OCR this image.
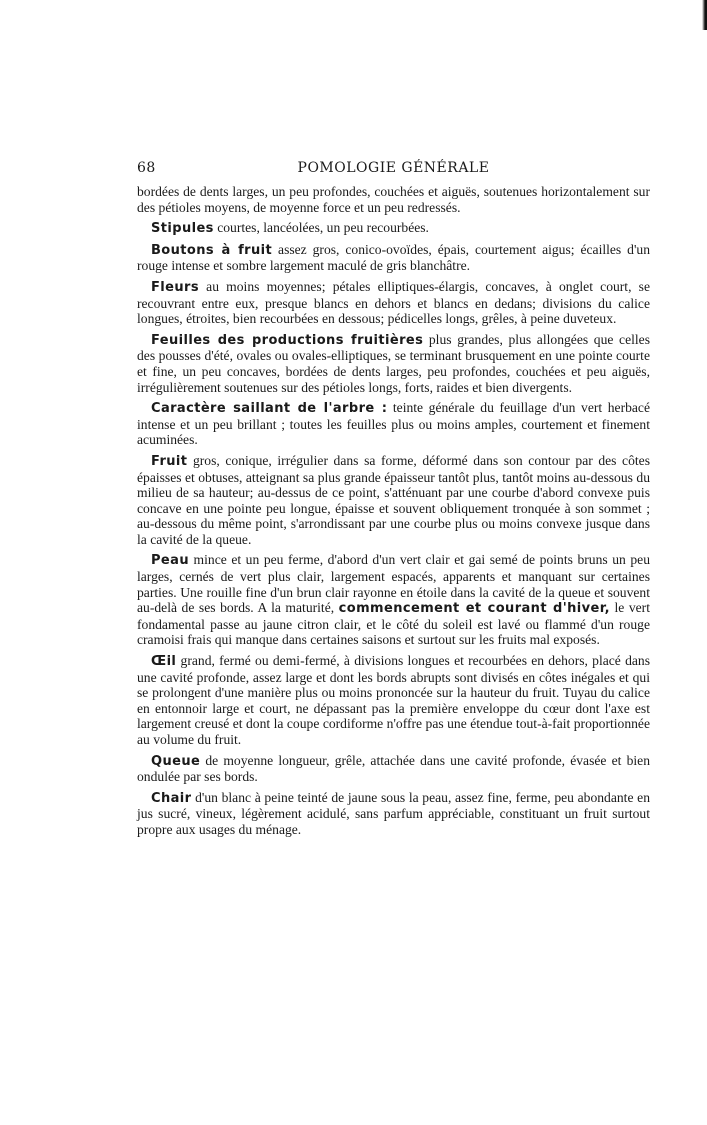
68	POMOLOGIE GÉNÉRALE

bordées de dents larges, un peu profondes, couchées et aiguës, soutenues horizontalement sur des pétioles moyens, de moyenne force et un peu redressés.

Stipules courtes, lancéolées, un peu recourbées.

Boutons à fruit assez gros, conico-ovoïdes, épais, courtement aigus; écailles d'un rouge intense et sombre largement maculé de gris blanchâtre.

Fleurs au moins moyennes; pétales elliptiques-élargis, concaves, à onglet court, se recouvrant entre eux, presque blancs en dehors et blancs en dedans; divisions du calice longues, étroites, bien recourbées en dessous; pédicelles longs, grêles, à peine duveteux.

Feuilles des productions fruitières plus grandes, plus allongées que celles des pousses d'été, ovales ou ovales-elliptiques, se terminant brusquement en une pointe courte et fine, un peu concaves, bordées de dents larges, peu profondes, couchées et peu aiguës, irrégulièrement soutenues sur des pétioles longs, forts, raides et bien divergents.

Caractère saillant de l'arbre : teinte générale du feuillage d'un vert herbacé intense et un peu brillant ; toutes les feuilles plus ou moins amples, courtement et finement acuminées.

Fruit gros, conique, irrégulier dans sa forme, déformé dans son contour par des côtes épaisses et obtuses, atteignant sa plus grande épaisseur tantôt plus, tantôt moins au-dessous du milieu de sa hauteur; au-dessus de ce point, s'atténuant par une courbe d'abord convexe puis concave en une pointe peu longue, épaisse et souvent obliquement tronquée à son sommet ; au-dessous du même point, s'arrondissant par une courbe plus ou moins convexe jusque dans la cavité de la queue.

Peau mince et un peu ferme, d'abord d'un vert clair et gai semé de points bruns un peu larges, cernés de vert plus clair, largement espacés, apparents et manquant sur certaines parties. Une rouille fine d'un brun clair rayonne en étoile dans la cavité de la queue et souvent au-delà de ses bords. A la maturité, commencement et courant d'hiver, le vert fondamental passe au jaune citron clair, et le côté du soleil est lavé ou flammé d'un rouge cramoisi frais qui manque dans certaines saisons et surtout sur les fruits mal exposés.

Œil grand, fermé ou demi-fermé, à divisions longues et recourbées en dehors, placé dans une cavité profonde, assez large et dont les bords abrupts sont divisés en côtes inégales et qui se prolongent d'une manière plus ou moins prononcée sur la hauteur du fruit. Tuyau du calice en entonnoir large et court, ne dépassant pas la première enveloppe du cœur dont l'axe est largement creusé et dont la coupe cordiforme n'offre pas une étendue tout-à-fait proportionnée au volume du fruit.

Queue de moyenne longueur, grêle, attachée dans une cavité profonde, évasée et bien ondulée par ses bords.

Chair d'un blanc à peine teinté de jaune sous la peau, assez fine, ferme, peu abondante en jus sucré, vineux, légèrement acidulé, sans parfum appréciable, constituant un fruit surtout propre aux usages du ménage.
